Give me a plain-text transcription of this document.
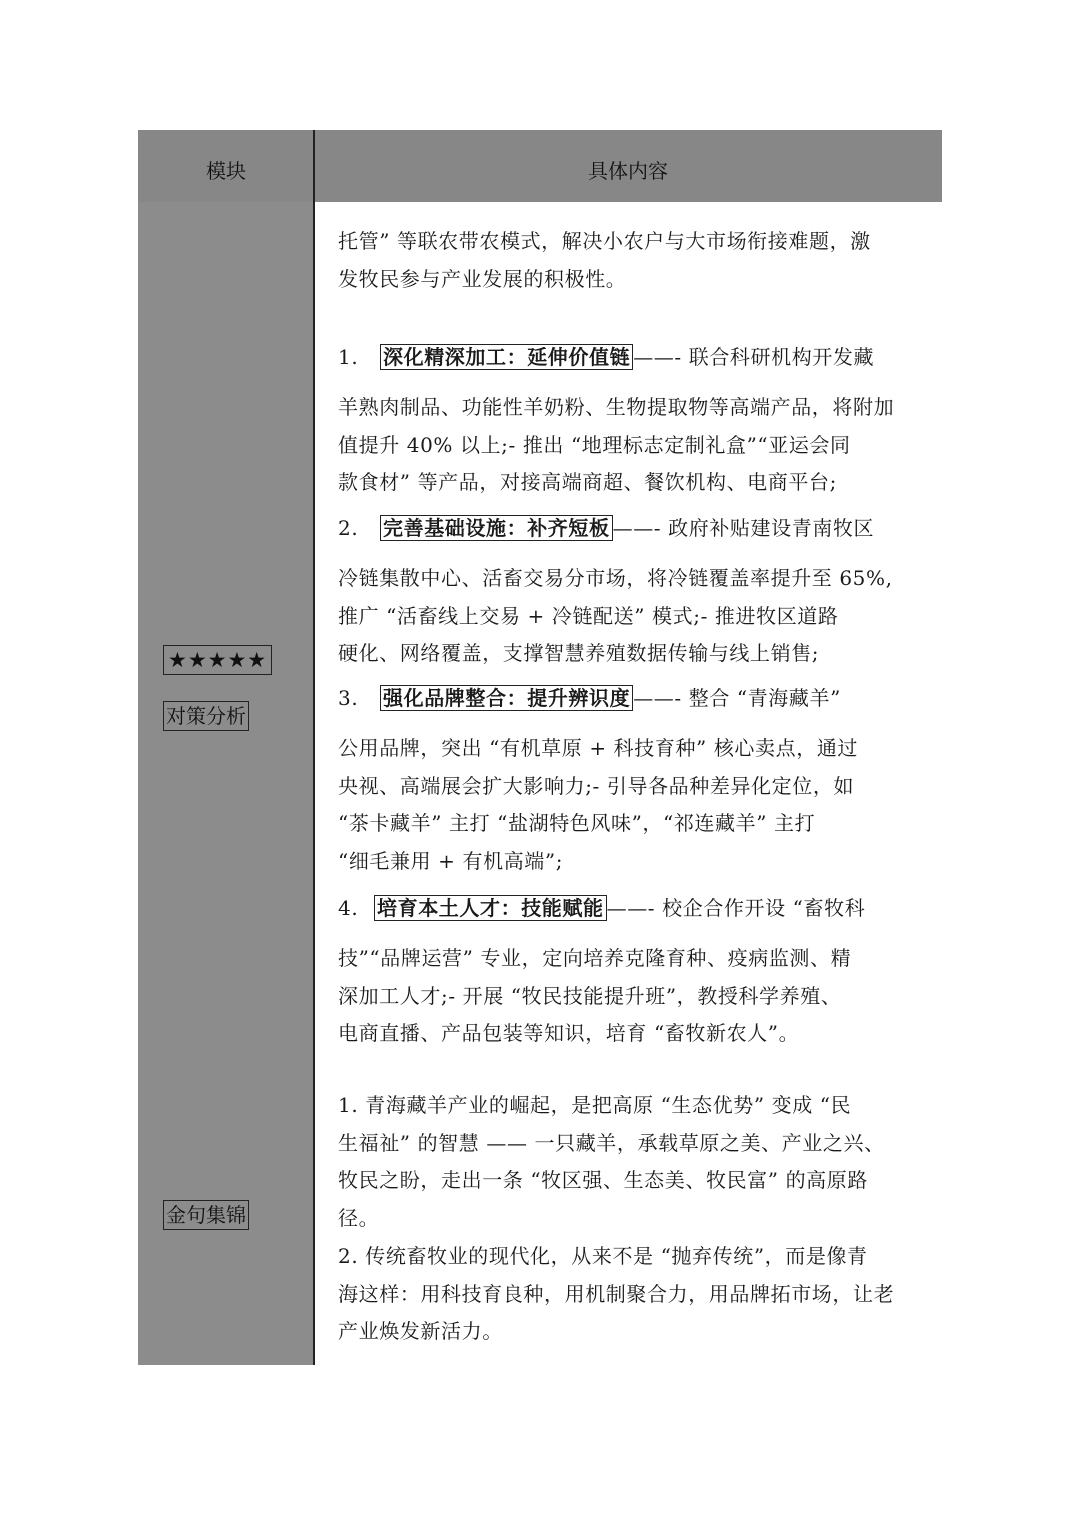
模块	具体内容
★★★★★
对策分析
金句集锦
托管” 等联农带农模式，解决小农户与大市场衔接难题，激
发牧民参与产业发展的积极性。
1. 深化精深加工：延伸价值链 ——- 联合科研机构开发藏
羊熟肉制品、功能性羊奶粉、生物提取物等高端产品，将附加
值提升 40% 以上;- 推出 “地理标志定制礼盒”“亚运会同
款食材” 等产品，对接高端商超、餐饮机构、电商平台;
2. 完善基础设施：补齐短板 ——- 政府补贴建设青南牧区
冷链集散中心、活畜交易分市场，将冷链覆盖率提升至 65%,
推广 “活畜线上交易 + 冷链配送” 模式;- 推进牧区道路
硬化、网络覆盖，支撑智慧养殖数据传输与线上销售;
3. 强化品牌整合：提升辨识度 ——- 整合 “青海藏羊”
公用品牌，突出 “有机草原 + 科技育种” 核心卖点，通过
央视、高端展会扩大影响力;- 引导各品种差异化定位，如
“茶卡藏羊” 主打 “盐湖特色风味”，“祁连藏羊” 主打
“细毛兼用 + 有机高端”;
4. 培育本土人才：技能赋能 ——- 校企合作开设 “畜牧科
技”“品牌运营” 专业，定向培养克隆育种、疫病监测、精
深加工人才;- 开展 “牧民技能提升班”，教授科学养殖、
电商直播、产品包装等知识，培育 “畜牧新农人”。
1. 青海藏羊产业的崛起，是把高原 “生态优势” 变成 “民
生福祉” 的智慧 —— 一只藏羊，承载草原之美、产业之兴、
牧民之盼，走出一条 “牧区强、生态美、牧民富” 的高原路
径。
2. 传统畜牧业的现代化，从来不是 “抛弃传统”，而是像青
海这样：用科技育良种，用机制聚合力，用品牌拓市场，让老
产业焕发新活力。
